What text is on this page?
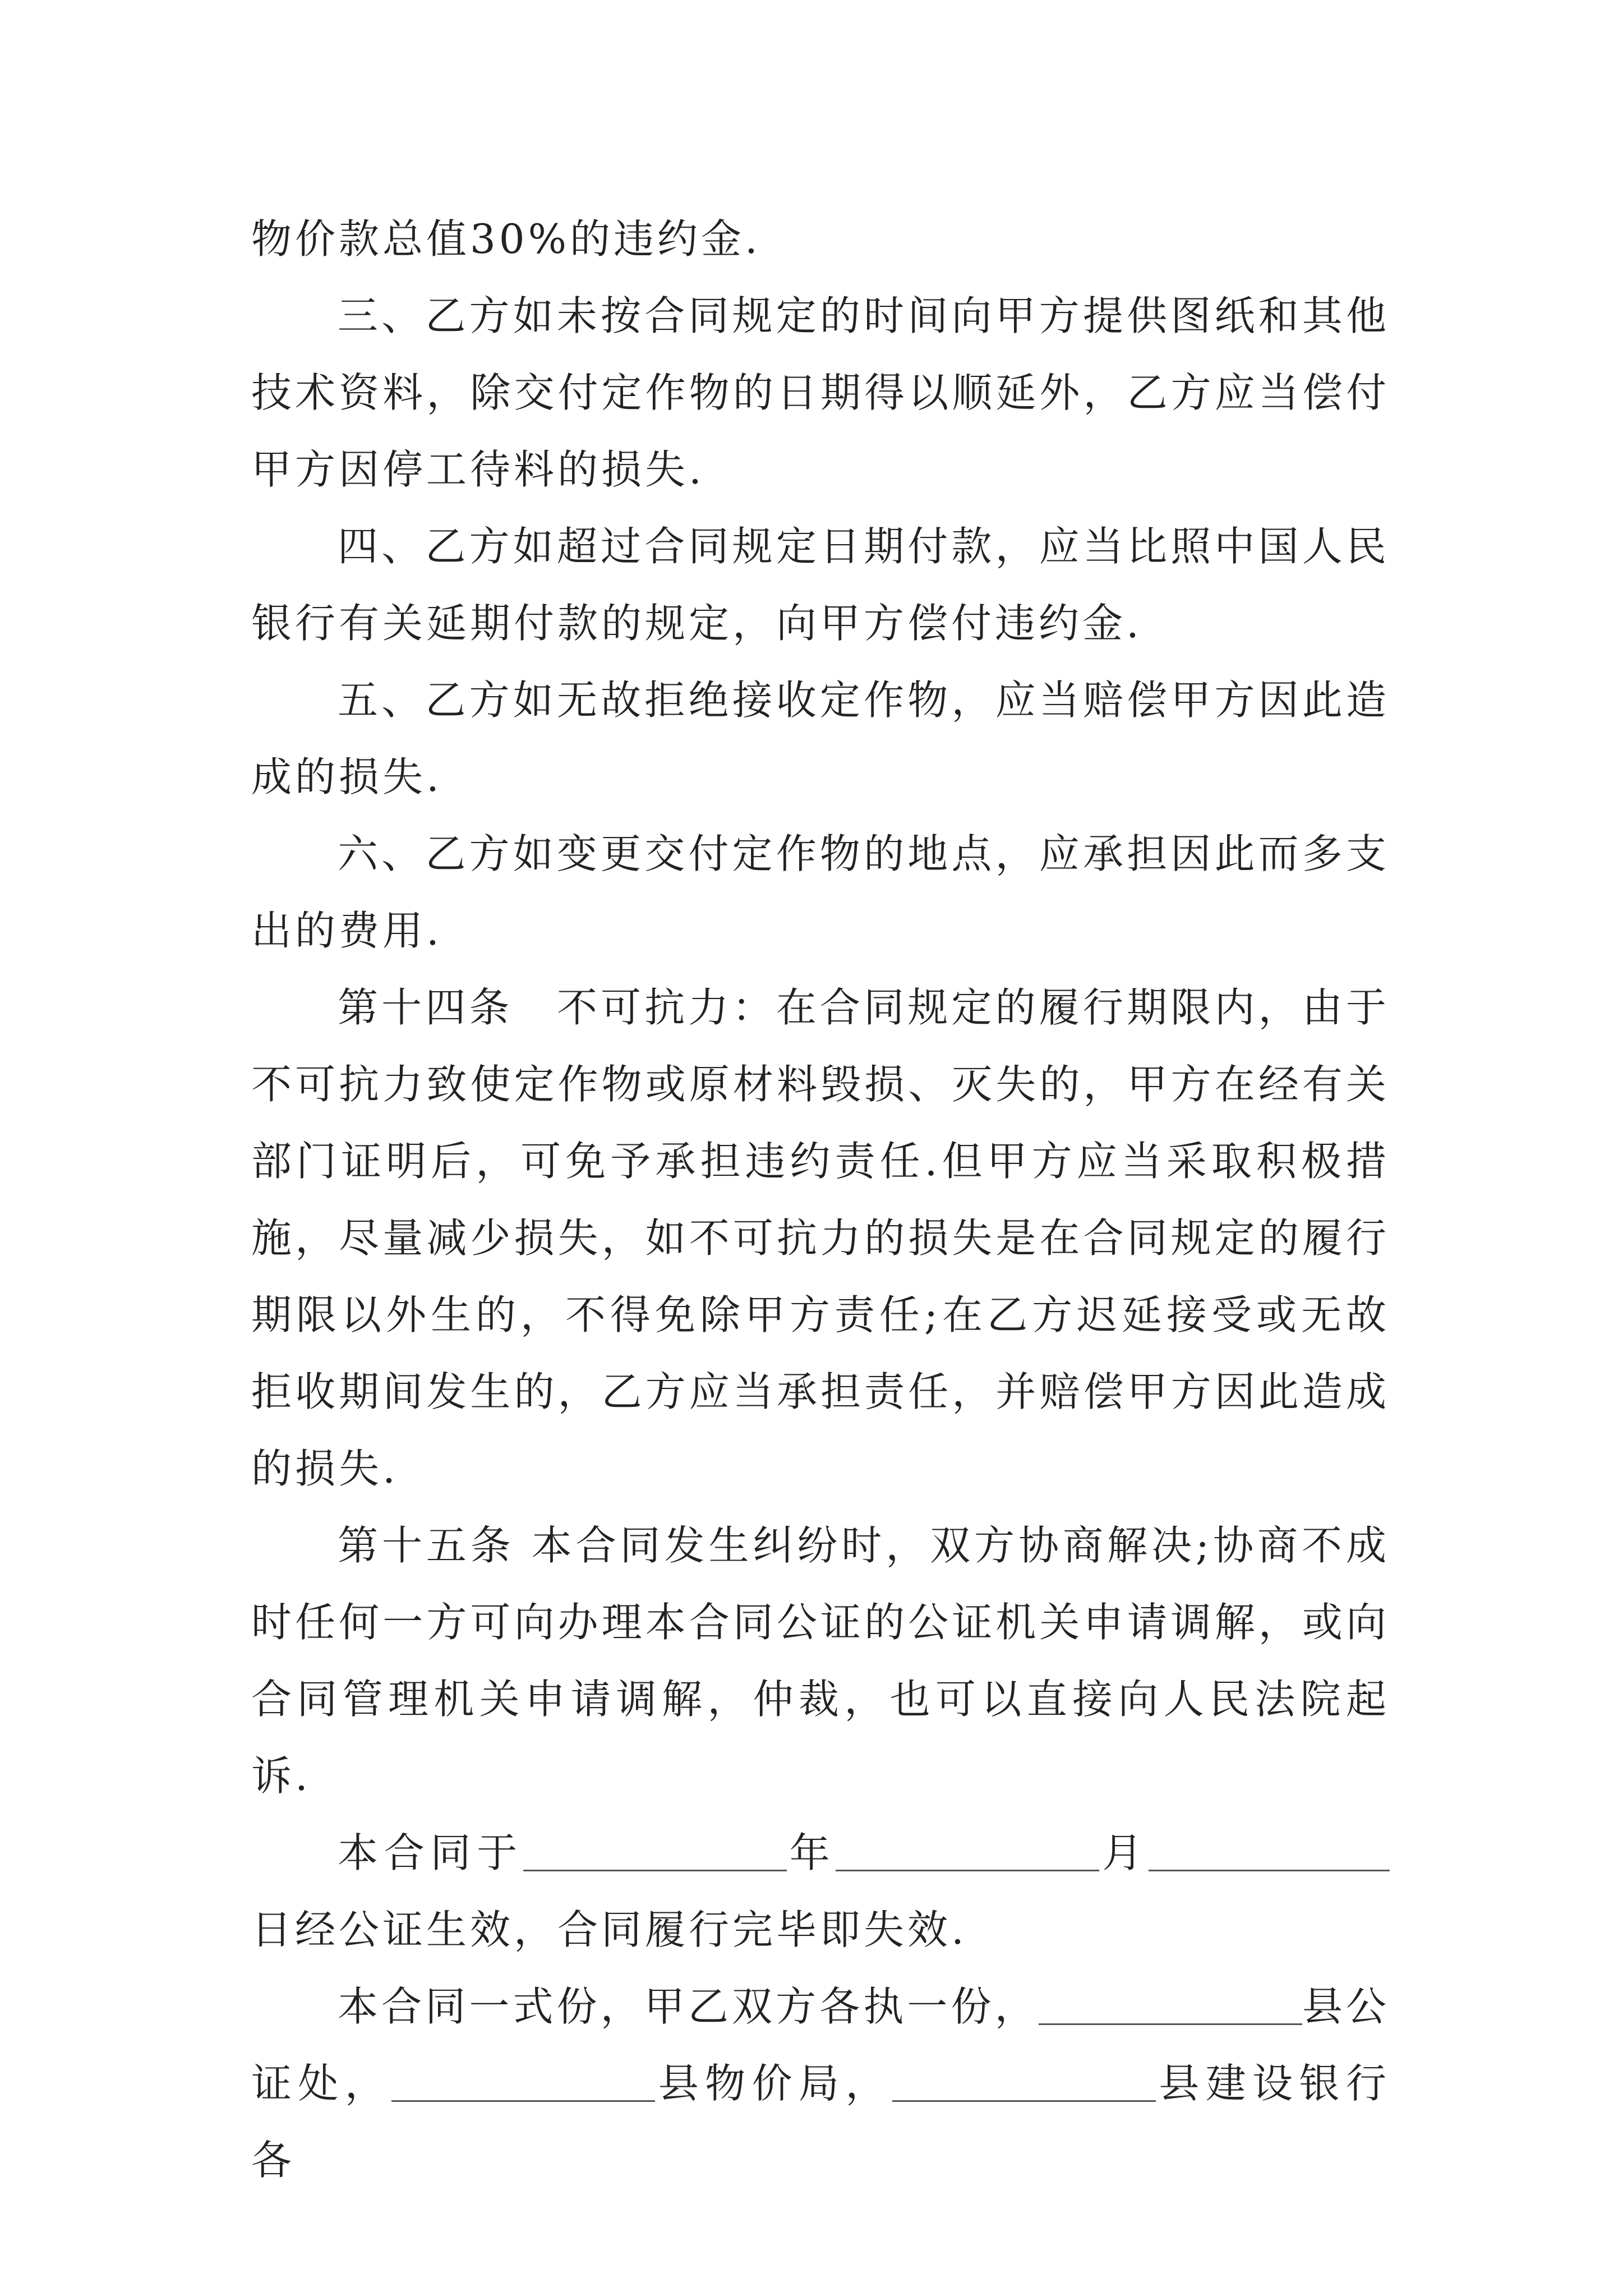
物价款总值30%的违约金.

三、乙方如未按合同规定的时间向甲方提供图纸和其他技术资料，除交付定作物的日期得以顺延外，乙方应当偿付甲方因停工待料的损失.

四、乙方如超过合同规定日期付款，应当比照中国人民银行有关延期付款的规定，向甲方偿付违约金.

五、乙方如无故拒绝接收定作物，应当赔偿甲方因此造成的损失.

六、乙方如变更交付定作物的地点，应承担因此而多支出的费用.

第十四条　不可抗力：在合同规定的履行期限内，由于不可抗力致使定作物或原材料毁损、灭失的，甲方在经有关部门证明后，可免予承担违约责任.但甲方应当采取积极措施，尽量减少损失，如不可抗力的损失是在合同规定的履行期限以外生的，不得免除甲方责任;在乙方迟延接受或无故拒收期间发生的，乙方应当承担责任，并赔偿甲方因此造成的损失.

第十五条 本合同发生纠纷时，双方协商解决;协商不成时任何一方可向办理本合同公证的公证机关申请调解，或向合同管理机关申请调解，仲裁，也可以直接向人民法院起诉.

本合同于	年	月日经公证生效，合同履行完毕即失效.

本合同一式份，甲乙双方各执一份，	县公证处，	县物价局，	县建设银行各
